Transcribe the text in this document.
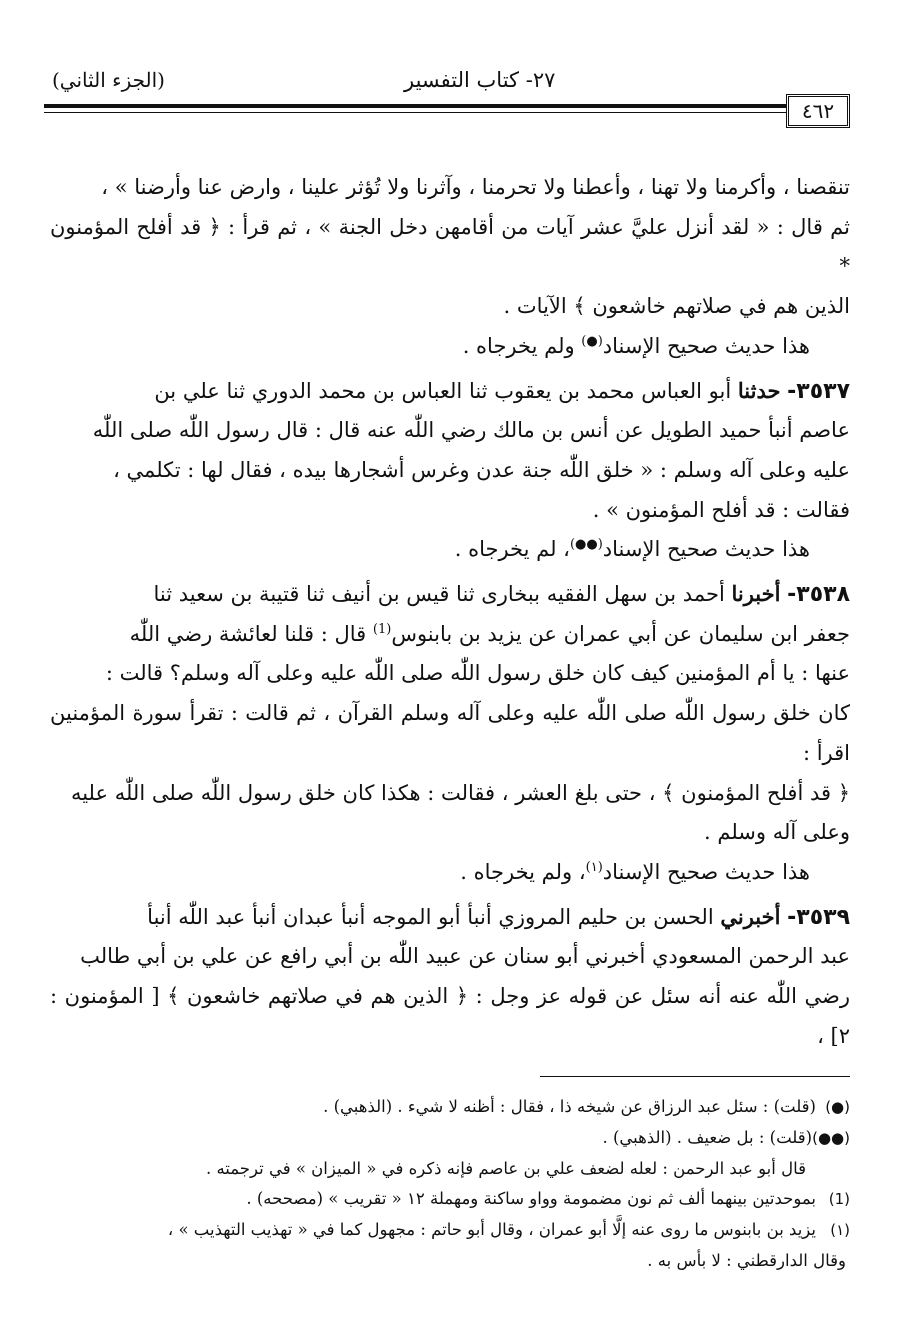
٢٧- كتاب التفسير
(الجزء الثاني)
٤٦٢

تنقصنا ، وأكرمنا ولا تهنا ، وأعطنا ولا تحرمنا ، وآثرنا ولا تُؤثر علينا ، وارض عنا وأرضنا » ،

ثم قال : « لقد أنزل عليَّ عشر آيات من أقامهن دخل الجنة » ، ثم قرأ : ﴿ قد أفلح المؤمنون *

الذين هم في صلاتهم خاشعون ﴾ الآيات .

هذا حديث صحيح الإسناد(●) ولم يخرجاه .

٣٥٣٧- حدثنا أبو العباس محمد بن يعقوب ثنا العباس بن محمد الدوري ثنا علي بن

عاصم أنبأ حميد الطويل عن أنس بن مالك رضي اللّٰه عنه قال : قال رسول اللّٰه صلى اللّٰه

عليه وعلى آله وسلم : « خلق اللّٰه جنة عدن وغرس أشجارها بيده ، فقال لها : تكلمي ،

فقالت : قد أفلح المؤمنون » .

هذا حديث صحيح الإسناد(●●)، لم يخرجاه .

٣٥٣٨- أخبرنا أحمد بن سهل الفقيه ببخارى ثنا قيس بن أنيف ثنا قتيبة بن سعيد ثنا

جعفر ابن سليمان عن أبي عمران عن يزيد بن بابنوس$^{(1)}$ قال : قلنا لعائشة رضي اللّٰه

عنها : يا أم المؤمنين كيف كان خلق رسول اللّٰه صلى اللّٰه عليه وعلى آله وسلم؟ قالت :

كان خلق رسول اللّٰه صلى اللّٰه عليه وعلى آله وسلم القرآن ، ثم قالت : تقرأ سورة المؤمنين اقرأ :

﴿ قد أفلح المؤمنون ﴾ ، حتى بلغ العشر ، فقالت : هكذا كان خلق رسول اللّٰه صلى اللّٰه عليه

وعلى آله وسلم .

هذا حديث صحيح الإسناد$^{(١)}$، ولم يخرجاه .

٣٥٣٩- أخبرني الحسن بن حليم المروزي أنبأ أبو الموجه أنبأ عبدان أنبأ عبد اللّٰه أنبأ

عبد الرحمن المسعودي أخبرني أبو سنان عن عبيد اللّٰه بن أبي رافع عن علي بن أبي طالب

رضي اللّٰه عنه أنه سئل عن قوله عز وجل : ﴿ الذين هم في صلاتهم خاشعون ﴾ [ المؤمنون : ٢] ،

(●)(قلت) : سئل عبد الرزاق عن شيخه ذا ، فقال : أظنه لا شيء . (الذهبي) .

(●●)(قلت) : بل ضعيف . (الذهبي) .

قال أبو عبد الرحمن : لعله لضعف علي بن عاصم فإنه ذكره في « الميزان » في ترجمته .

(1)بموحدتين بينهما ألف ثم نون مضمومة وواو ساكنة ومهملة ١٢ « تقريب » (مصححه) .

(١)يزيد بن بابنوس ما روى عنه إلَّا أبو عمران ، وقال أبو حاتم : مجهول كما في « تهذيب التهذيب » ،

وقال الدارقطني : لا بأس به .
